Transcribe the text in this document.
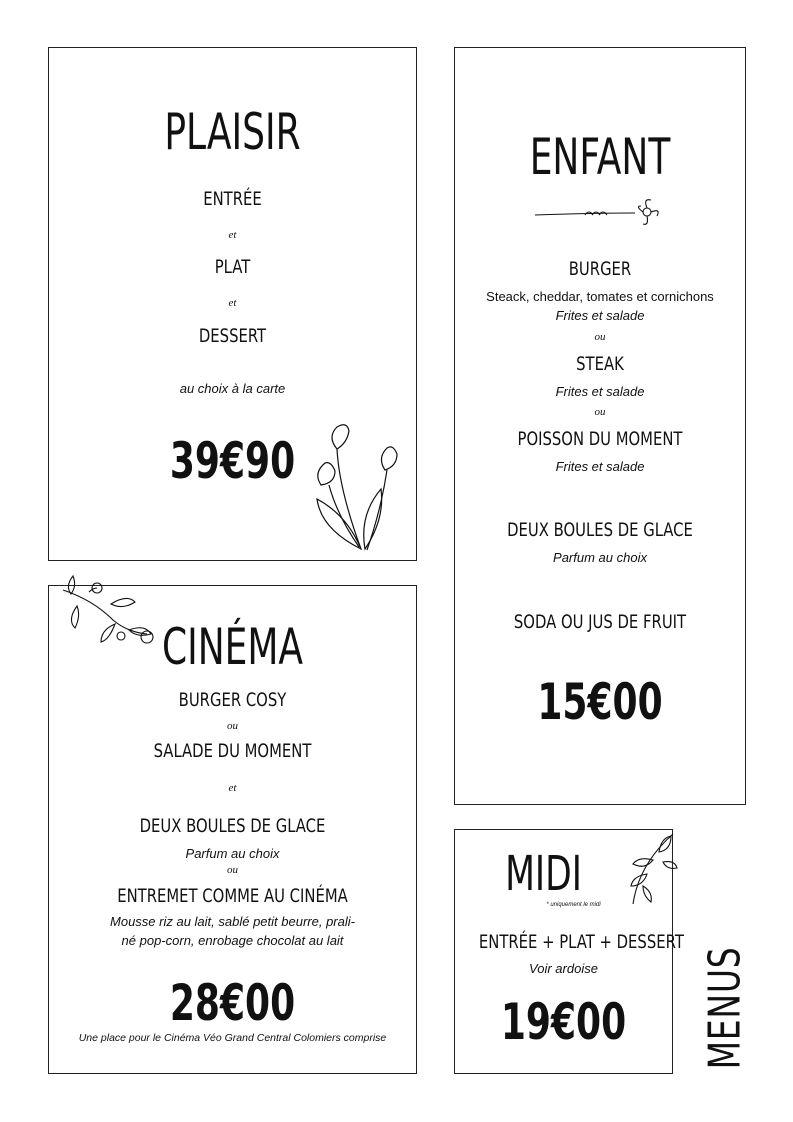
PLAISIR
ENTRÉE
et
PLAT
et
DESSERT
au choix à la carte
39€90
ENFANT
BURGER
Steack, cheddar, tomates et cornichons
Frites et salade
ou
STEAK
Frites et salade
ou
POISSON DU MOMENT
Frites et salade
DEUX BOULES DE GLACE
Parfum au choix
SODA OU JUS DE FRUIT
15€00
CINÉMA
BURGER COSY
ou
SALADE DU MOMENT
et
DEUX BOULES DE GLACE
Parfum au choix
ou
ENTREMET COMME AU CINÉMA
Mousse riz au lait, sablé petit beurre, prali-
né pop-corn, enrobage chocolat au lait
28€00
Une place pour le Cinéma Véo Grand Central Colomiers comprise
MIDI
* uniquement le midi
ENTRÉE + PLAT + DESSERT
Voir ardoise
19€00	MENUS
